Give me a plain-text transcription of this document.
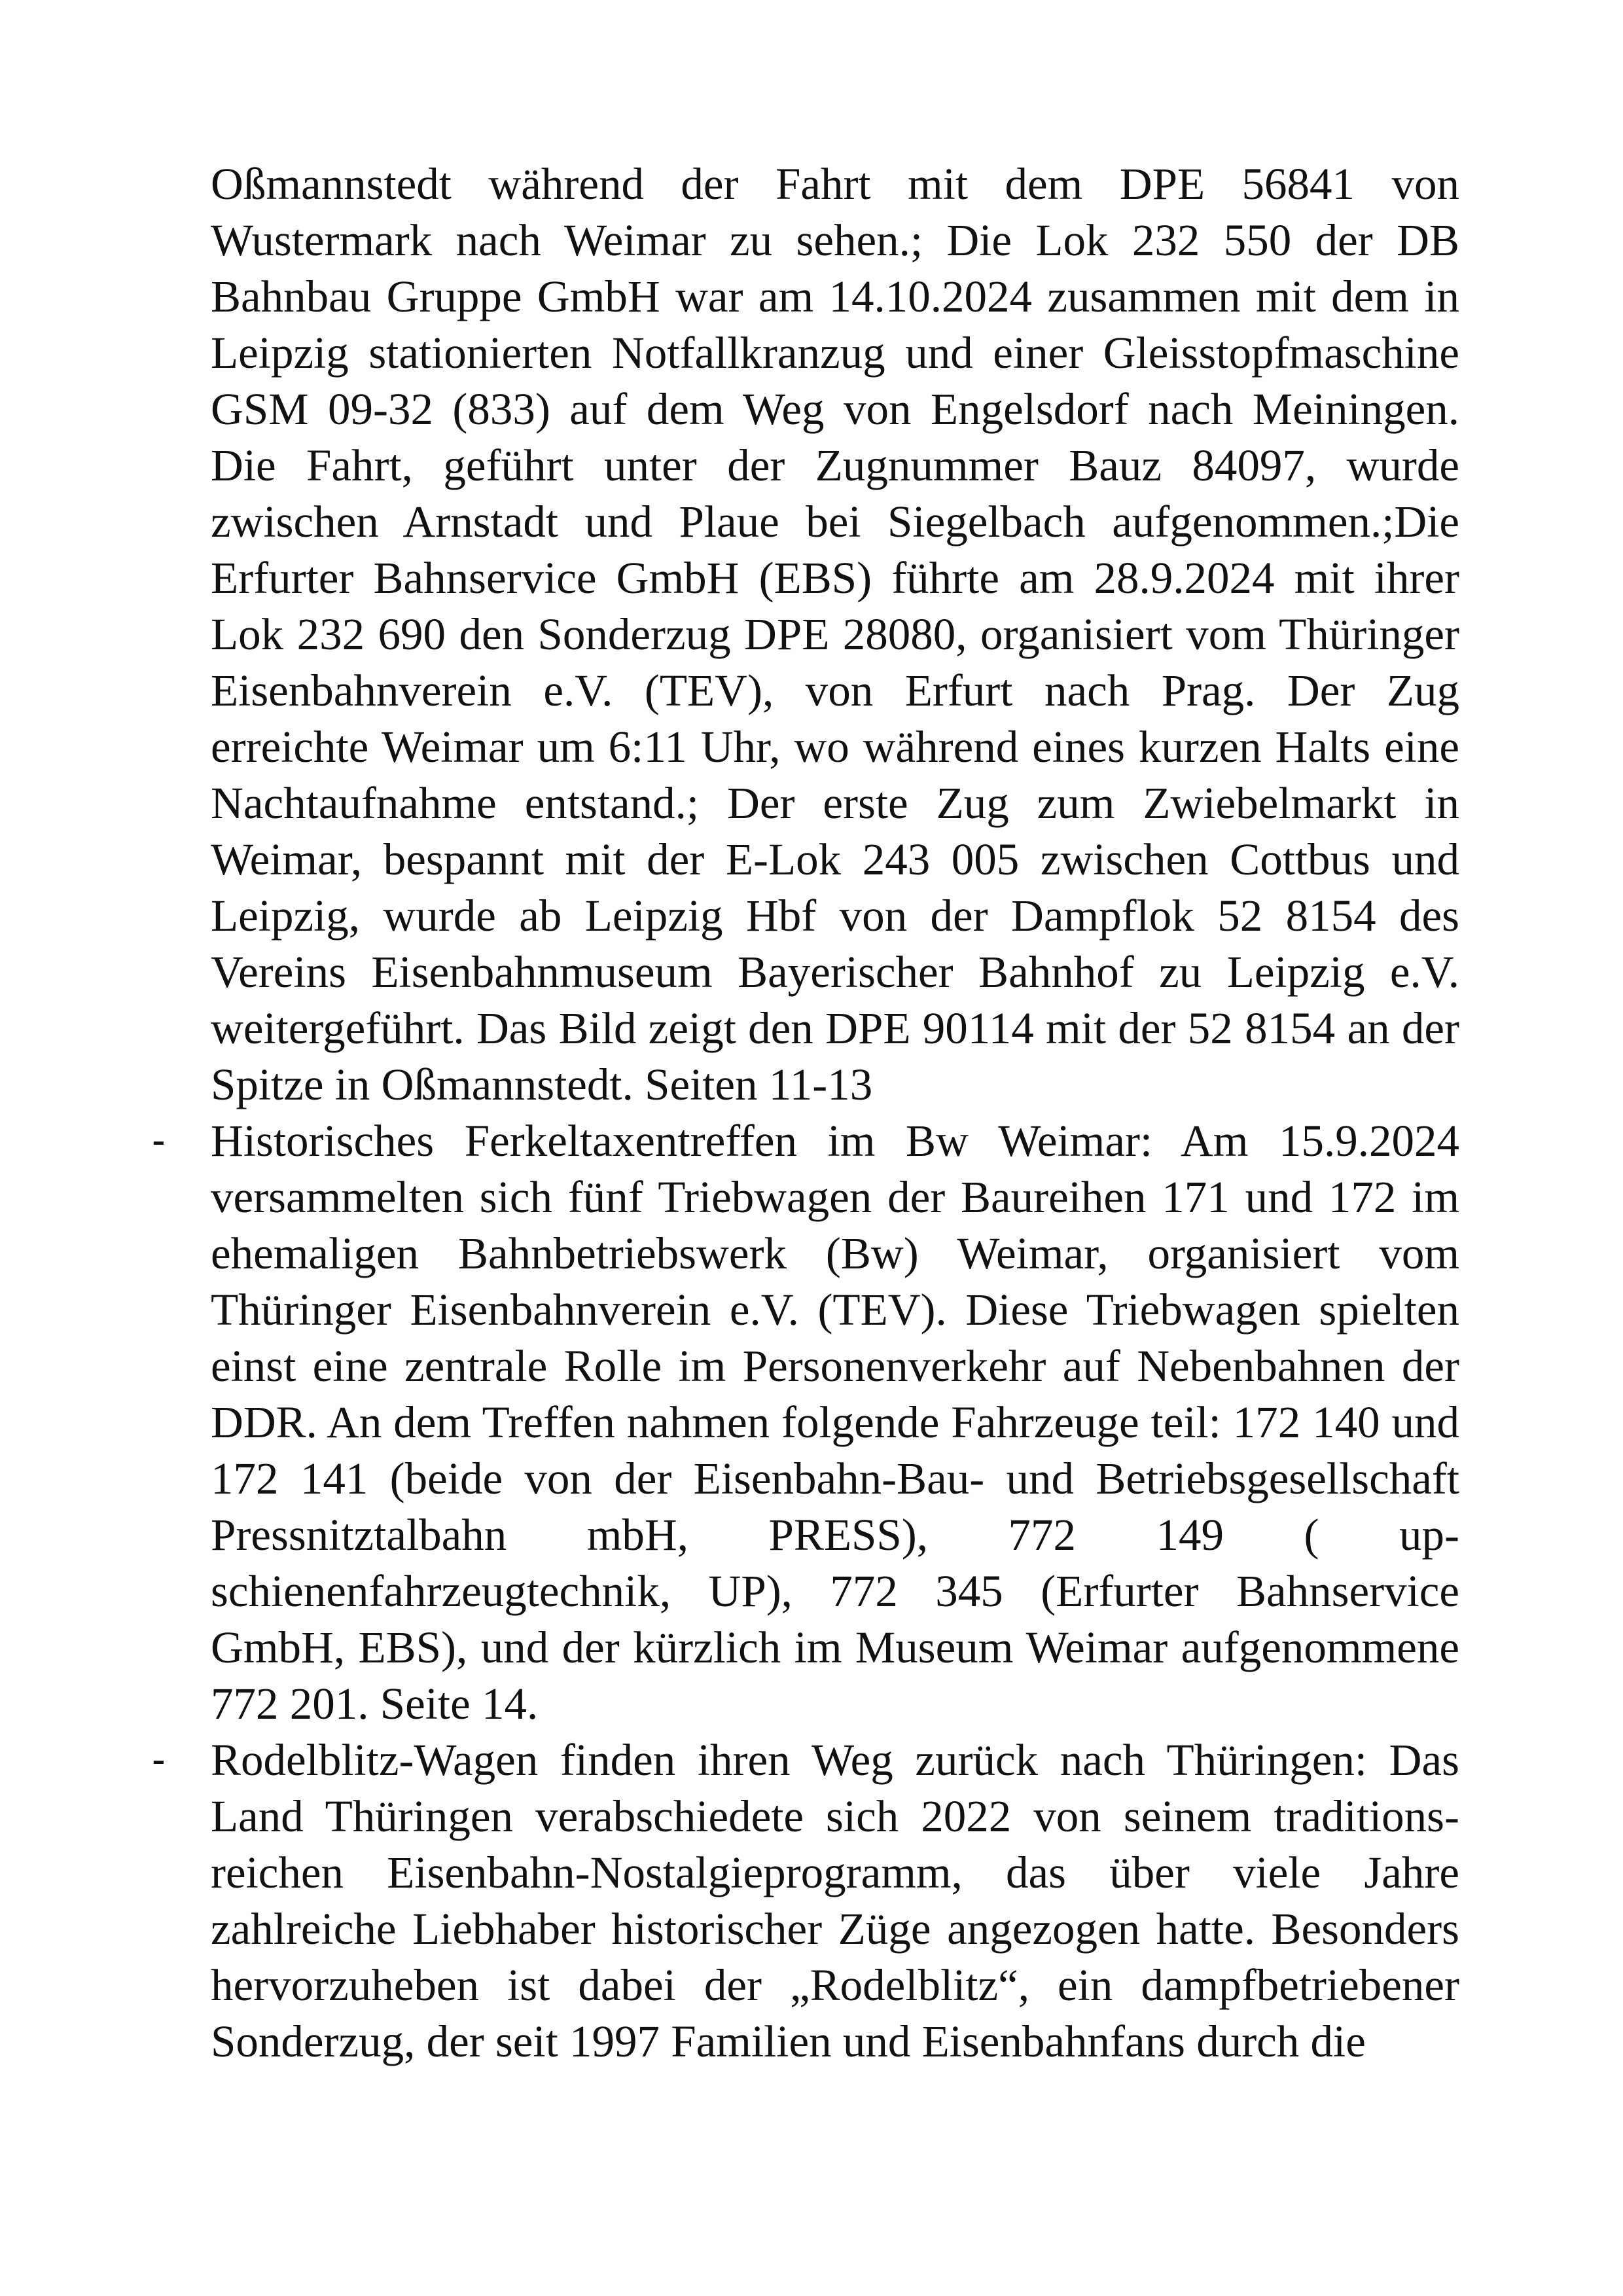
Oßmannstedt während der Fahrt mit dem DPE 56841 von Wustermark nach Weimar zu sehen.; Die Lok 232 550 der DB Bahnbau Gruppe GmbH war am 14.10.2024 zusammen mit dem in Leipzig stationierten Notfallkranzug und einer Gleisstopfmaschine GSM 09-32 (833) auf dem Weg von Engelsdorf nach Meiningen. Die Fahrt, geführt unter der Zugnummer Bauz 84097, wurde zwischen Arnstadt und Plaue bei Siegelbach aufgenommen.;Die Erfurter Bahnservice GmbH (EBS) führte am 28.9.2024 mit ihrer Lok 232 690 den Sonderzug DPE 28080, organisiert vom Thüringer Eisenbahnverein e.V. (TEV), von Erfurt nach Prag. Der Zug erreichte Weimar um 6:11 Uhr, wo während eines kurzen Halts eine Nachtaufnahme entstand.; Der erste Zug zum Zwiebelmarkt in Weimar, bespannt mit der E-Lok 243 005 zwischen Cottbus und Leipzig, wurde ab Leipzig Hbf von der Dampflok 52 8154 des Vereins Eisenbahnmuseum Bayerischer Bahnhof zu Leipzig e.V. weitergeführt. Das Bild zeigt den DPE 90114 mit der 52 8154 an der Spitze in Oßmannstedt. Seiten 11-13

- Historisches Ferkeltaxentreffen im Bw Weimar: Am 15.9.2024 versammelten sich fünf Triebwagen der Baureihen 171 und 172 im ehemaligen Bahnbetriebswerk (Bw) Weimar, organisiert vom Thüringer Eisenbahnverein e.V. (TEV). Diese Triebwagen spielten einst eine zentrale Rolle im Personenverkehr auf Nebenbahnen der DDR. An dem Treffen nahmen folgende Fahrzeuge teil: 172 140 und 172 141 (beide von der Eisenbahn-Bau- und Betriebsgesellschaft Pressnitztalbahn mbH, PRESS), 772 149 ( upschienenfahrzeugtechnik, UP), 772 345 (Erfurter Bahnservice GmbH, EBS), und der kürzlich im Museum Weimar aufgenommene 772 201. Seite 14.

- Rodelblitz-Wagen finden ihren Weg zurück nach Thüringen: Das Land Thüringen verabschiedete sich 2022 von seinem traditionsreichen Eisenbahn-Nostalgieprogramm, das über viele Jahre zahlreiche Liebhaber historischer Züge angezogen hatte. Besonders hervorzuheben ist dabei der „Rodelblitz“, ein dampfbetriebener Sonderzug, der seit 1997 Familien und Eisenbahnfans durch die
